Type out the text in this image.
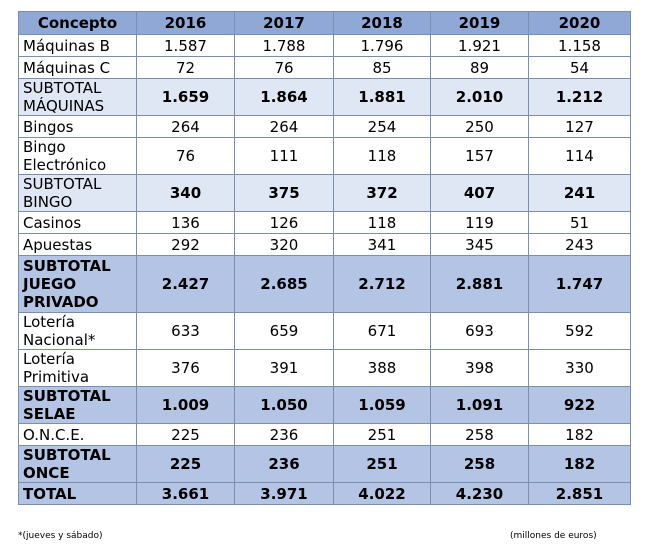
Concepto	2016	2017	2018	2019	2020
Máquinas B	1.587	1.788	1.796	1.921	1.158
Máquinas C	72	76	85	89	54
SUBTOTAL
MÁQUINAS	1.659	1.864	1.881	2.010	1.212
Bingos	264	264	254	250	127
Bingo
Electrónico	76	111	118	157	114
SUBTOTAL
BINGO	340	375	372	407	241
Casinos	136	126	118	119	51
Apuestas	292	320	341	345	243
SUBTOTAL
JUEGO
PRIVADO	2.427	2.685	2.712	2.881	1.747
Lotería
Nacional*	633	659	671	693	592
Lotería
Primitiva	376	391	388	398	330
SUBTOTAL
SELAE	1.009	1.050	1.059	1.091	922
O.N.C.E.	225	236	251	258	182
SUBTOTAL
ONCE	225	236	251	258	182
TOTAL	3.661	3.971	4.022	4.230	2.851
*(jueves y sábado)	(millones de euros)
